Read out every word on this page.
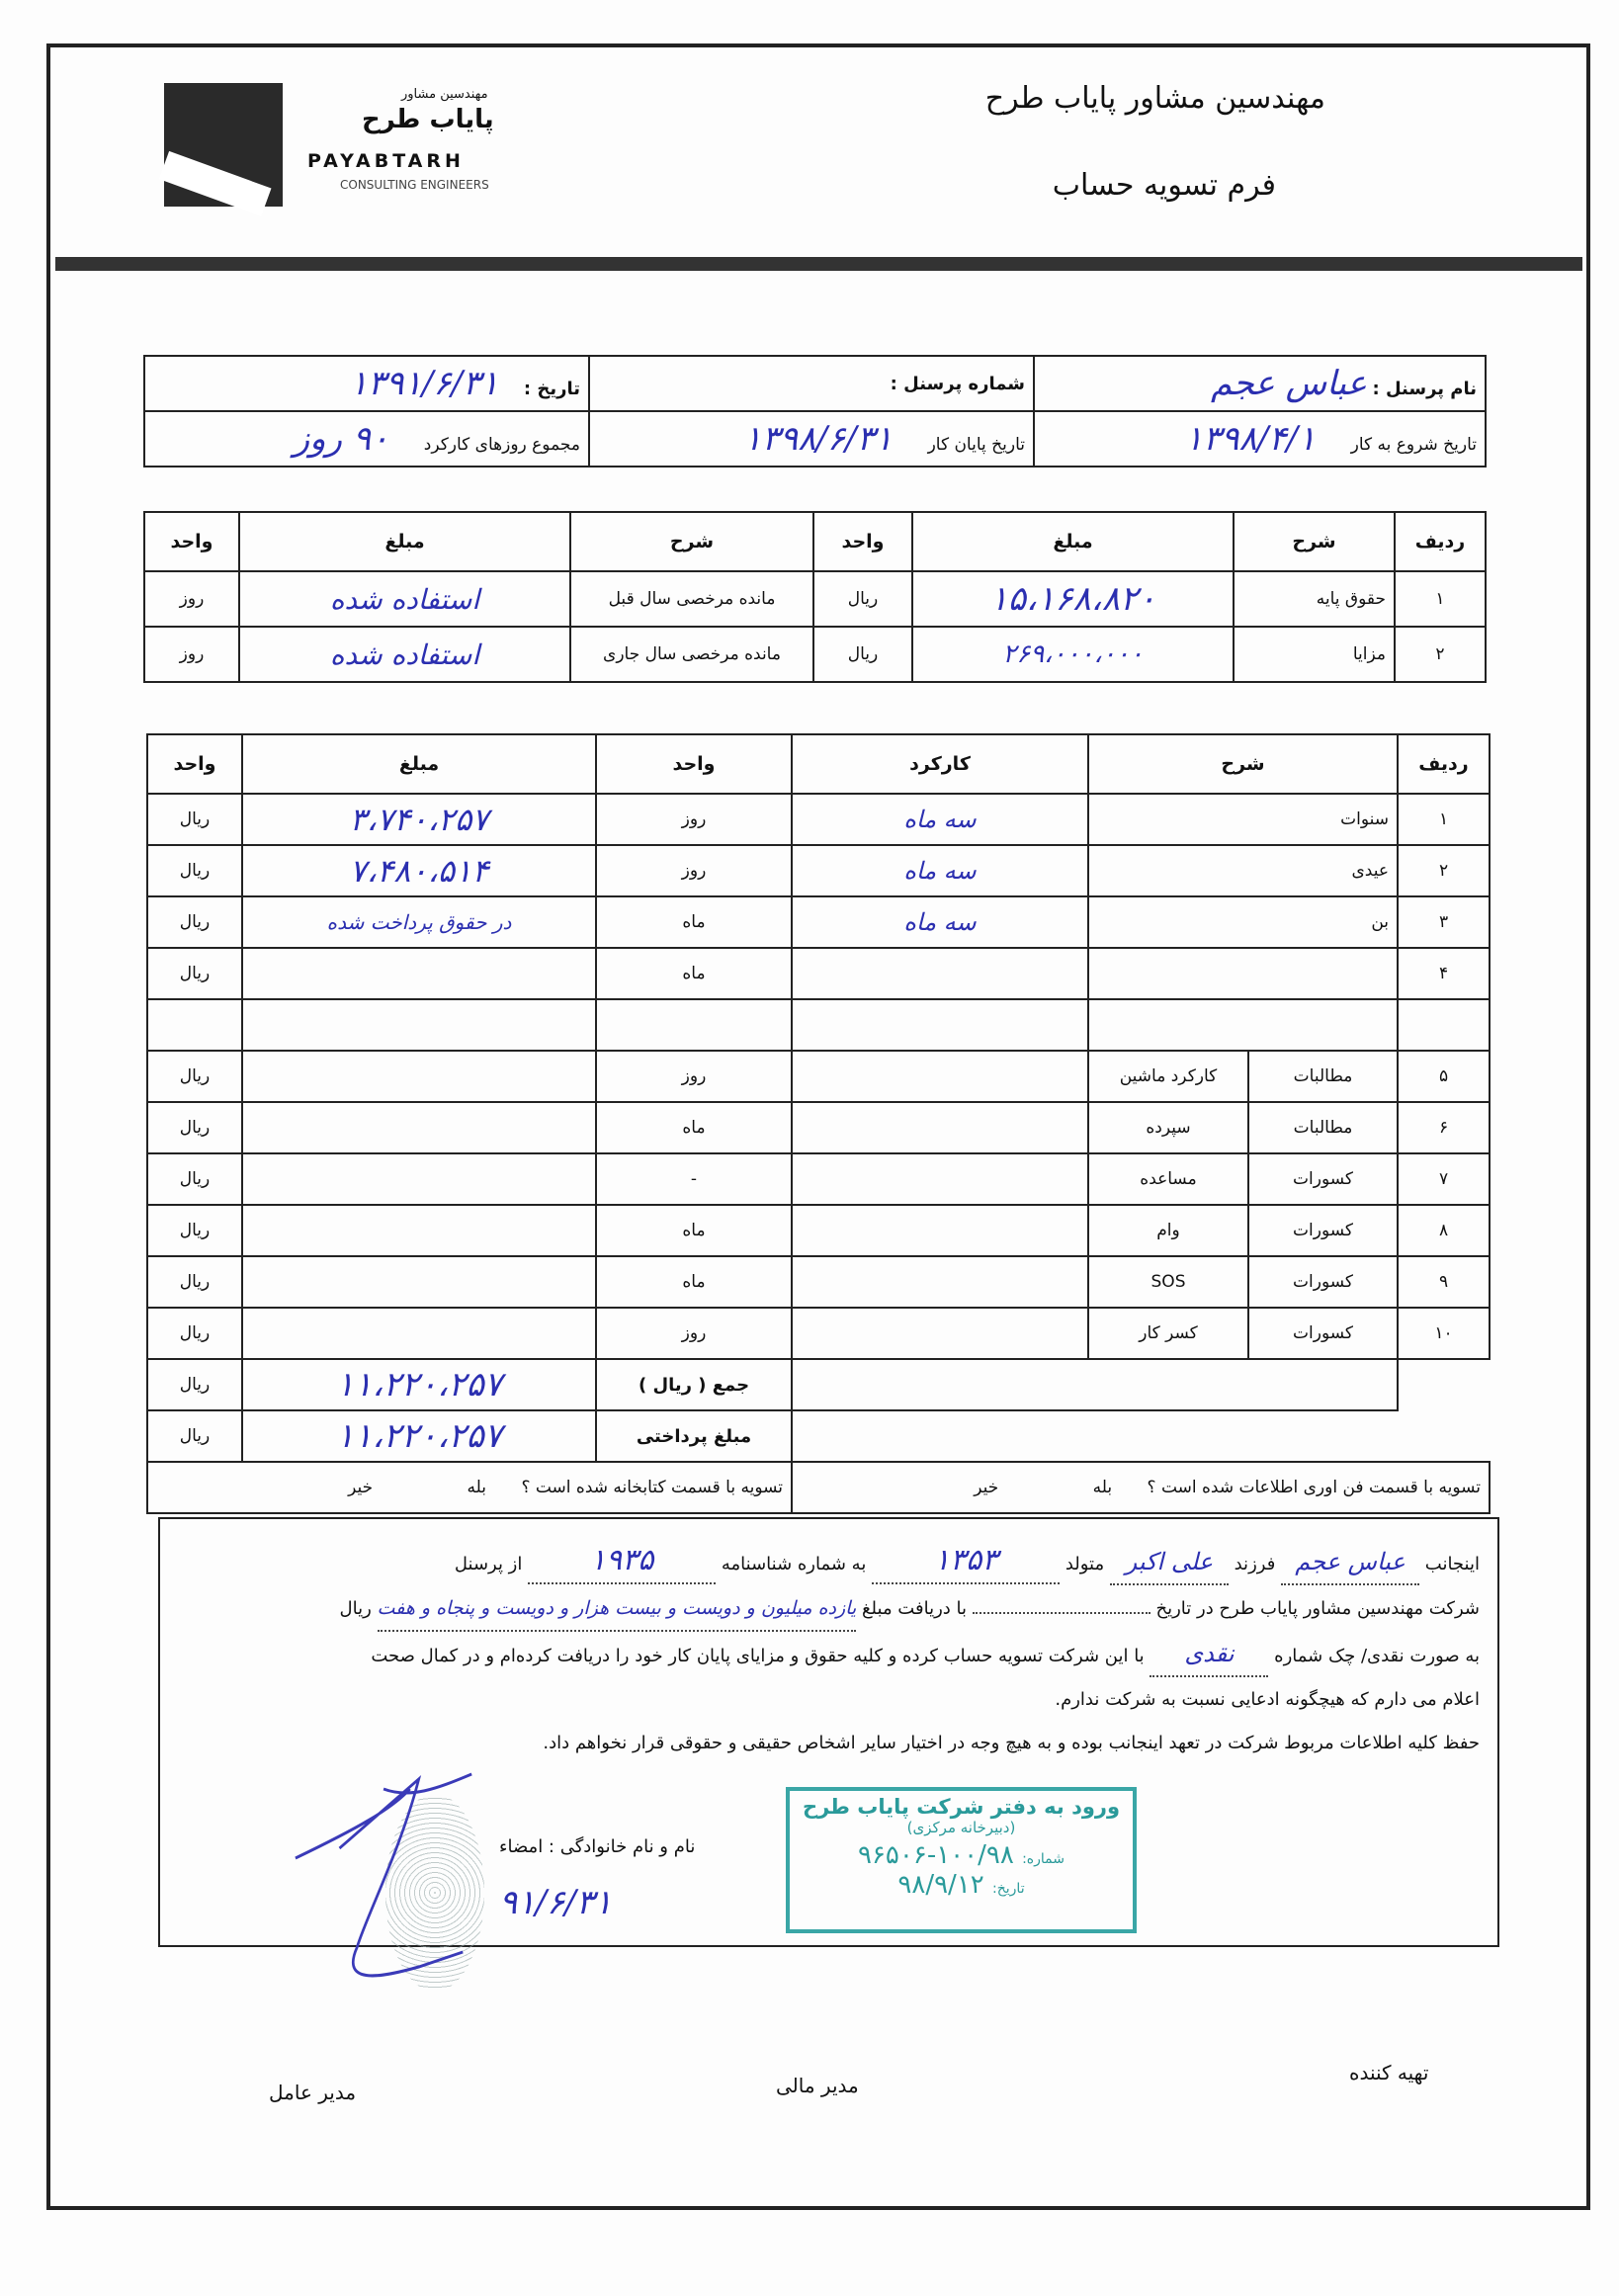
مهندسین مشاور
پایاب طرح
PAYABTARH
CONSULTING ENGINEERS
مهندسین مشاور پایاب طرح
فرم تسویه حساب
نام پرسنل : عباس عجم	شماره پرسنل :	تاریخ : ۱۳۹۱/۶/۳۱
تاریخ شروع به کار ۱۳۹۸/۴/۱	تاریخ پایان کار ۱۳۹۸/۶/۳۱	مجموع روزهای کارکرد ۹۰ روز
ردیف	شرح	مبلغ	واحد	شرح	مبلغ	واحد
۱	حقوق پایه	۱۵،۱۶۸،۸۲۰	ریال	مانده مرخصی سال قبل	استفاده شده	روز
۲	مزایا	۲۶۹،۰۰۰،۰۰۰	ریال	مانده مرخصی سال جاری	استفاده شده	روز
ردیف	شرح		کارکرد	واحد	مبلغ	واحد
۱	سنوات		سه ماه	روز	۳،۷۴۰،۲۵۷	ریال
۲	عیدی		سه ماه	روز	۷،۴۸۰،۵۱۴	ریال
۳	بن		سه ماه	ماه	در حقوق پرداخت شده	ریال
۴				ماه		ریال

۵	مطالبات	کارکرد ماشین		روز		ریال
۶	مطالبات	سپرده		ماه		ریال
۷	کسورات	مساعده		-		ریال
۸	کسورات	وام		ماه		ریال
۹	کسورات	SOS		ماه		ریال
۱۰	کسورات	کسر کار		روز		ریال
				جمع ( ریال )	۱۱،۲۲۰،۲۵۷	ریال
				مبلغ پرداختی	۱۱،۲۲۰،۲۵۷	ریال
تسویه با قسمت فن اوری اطلاعات شده است ؟ بله خیر				تسویه با قسمت کتابخانه شده است ؟ بله خیر		
اینجانب عباس عجم فرزند علی اکبر متولد ۱۳۵۳ به شماره شناسنامه ۱۹۳۵ از پرسنل
شرکت مهندسین مشاور پایاب طرح در تاریخ  با دریافت مبلغ یازده میلیون و دویست و بیست هزار و دویست و پنجاه و هفت ریال
به صورت نقدی/ چک شماره نقدی با این شرکت تسویه حساب کرده و کلیه حقوق و مزایای پایان کار خود را دریافت کرده‌ام و در کمال صحت
اعلام می دارم که هیچگونه ادعایی نسبت به شرکت ندارم.
حفظ کلیه اطلاعات مربوط شرکت در تعهد اینجانب بوده و به هیچ وجه در اختیار سایر اشخاص حقیقی و حقوقی قرار نخواهم داد.
نام و نام خانوادگی : امضاء
۹۱/۶/۳۱
ورود به دفتر شرکت پایاب طرح
(دبیرخانه مرکزی)
شماره: ۱۰۰/۹۸-۹۶۵۰۶
تاریخ: ۹۸/۹/۱۲
تهیه کننده
مدیر مالی
مدیر عامل
